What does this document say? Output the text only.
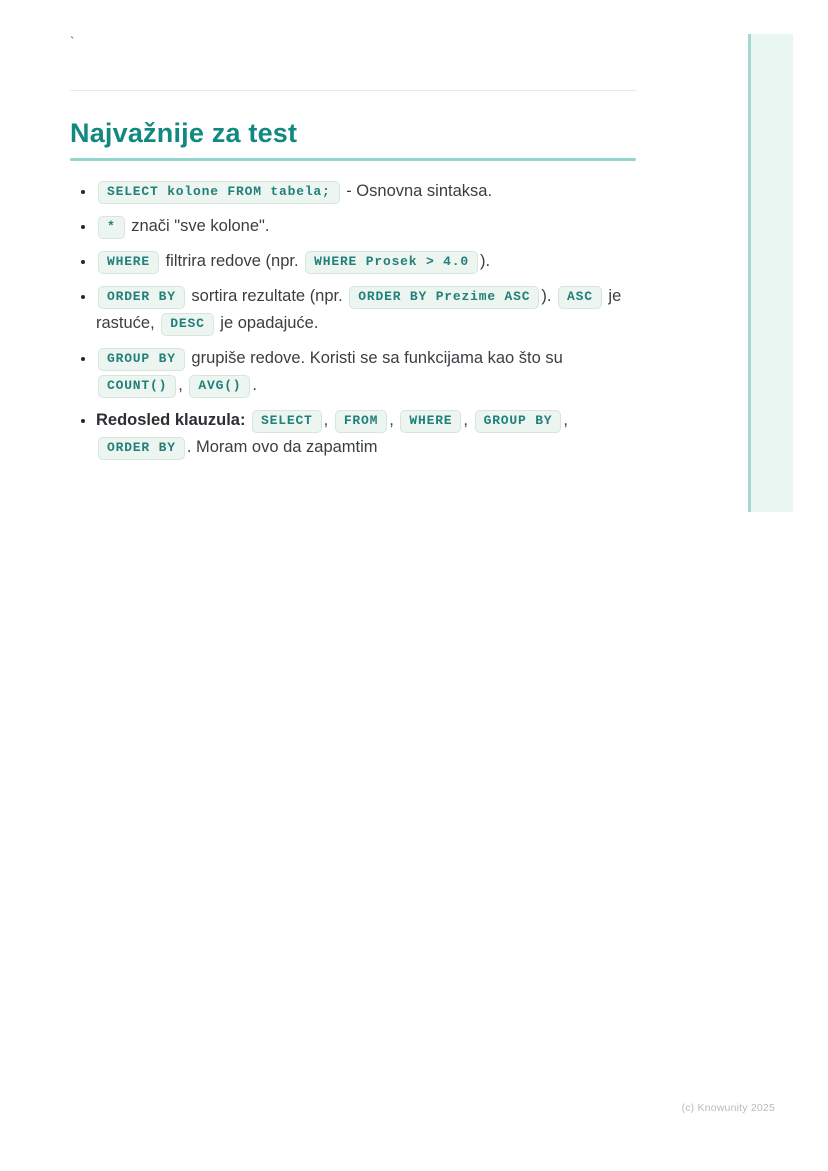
`
Najvažnije za test
• SELECT kolone FROM tabela; - Osnovna sintaksa.
• * znači "sve kolone".
• WHERE filtrira redove (npr. WHERE Prosek > 4.0 ).
• ORDER BY sortira rezultate (npr. ORDER BY Prezime ASC ). ASC je rastuće, DESC je opadajuće.
• GROUP BY grupiše redove. Koristi se sa funkcijama kao što su COUNT() , AVG() .
• Redosled klauzula: SELECT , FROM , WHERE , GROUP BY , ORDER BY . Moram ovo da zapamtim
(c) Knowunity 2025
